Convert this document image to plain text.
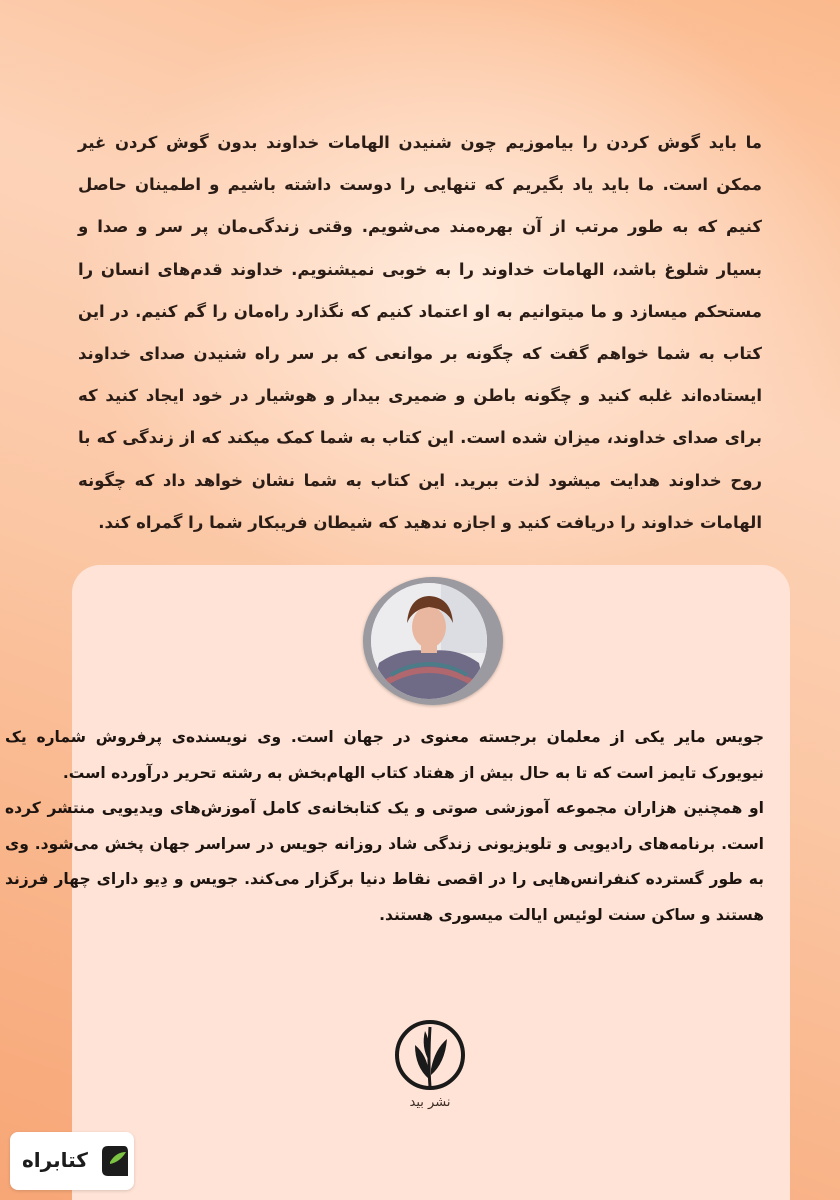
ما باید گوش کردن را بیاموزیم چون شنیدن الهامات خداوند بدون گوش کردن غیر ممکن است. ما باید یاد بگیریم که تنهایی را دوست داشته باشیم و اطمینان حاصل کنیم که به طور مرتب از آن بهره‌مند می‌شویم. وقتی زندگی‌مان پر سر و صدا و بسیار شلوغ باشد، الهامات خداوند را به خوبی نمیشنویم. خداوند قدم‌های انسان را مستحکم میسازد و ما میتوانیم به او اعتماد کنیم که نگذارد راه‌مان را گم کنیم. در این کتاب به شما خواهم گفت که چگونه بر موانعی که بر سر راه شنیدن صدای خداوند ایستاده‌اند غلبه کنید و چگونه باطن و ضمیری بیدار و هوشیار در خود ایجاد کنید که برای صدای خداوند، میزان شده است. این کتاب به شما کمک میکند که از زندگی که با روح خداوند هدایت میشود لذت ببرید. این کتاب به شما نشان خواهد داد که چگونه الهامات خداوند را دریافت کنید و اجازه ندهید که شیطان فریبکار شما را گمراه کند.

جویس مایر یکی از معلمان برجسته معنوی در جهان است. وی نویسنده‌ی پرفروش شماره یک نیویورک تایمز است که تا به حال بیش از هفتاد کتاب الهام‌بخش به رشته تحریر درآورده است.

او همچنین هزاران مجموعه آموزشی صوتی و یک کتابخانه‌ی کامل آموزش‌های ویدیویی منتشر کرده است. برنامه‌های رادیویی و تلویزیونی زندگی شاد روزانه جویس در سراسر جهان پخش می‌شود. وی به طور گسترده کنفرانس‌هایی را در اقصی نقاط دنیا برگزار می‌کند. جویس و دِیو دارای چهار فرزند هستند و ساکن سنت لوئیس ایالت میسوری هستند.

نشر بید
کتابراه
